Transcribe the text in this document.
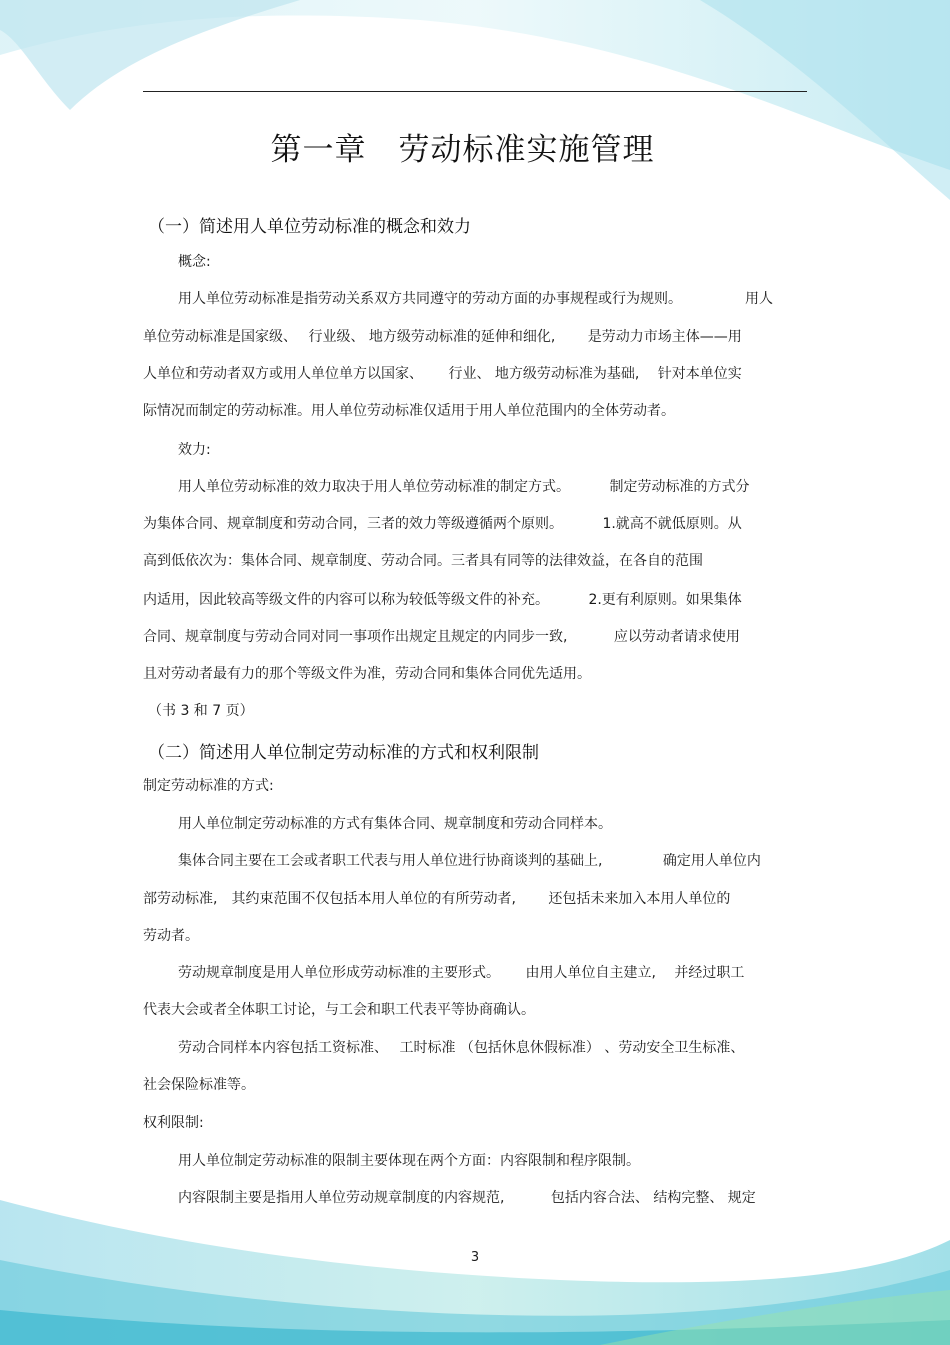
第一章　劳动标准实施管理
（一）简述用人单位劳动标准的概念和效力
概念:
用人单位劳动标准是指劳动关系双方共同遵守的劳动方面的办事规程或行为规则。　　　　　用人
单位劳动标准是国家级、　 行业级、 地方级劳动标准的延伸和细化,　　 是劳动力市场主体——用
人单位和劳动者双方或用人单位单方以国家、　　 行业、 地方级劳动标准为基础,　 针对本单位实
际情况而制定的劳动标准。用人单位劳动标准仅适用于用人单位范围内的全体劳动者。
效力:
用人单位劳动标准的效力取决于用人单位劳动标准的制定方式。　　　 制定劳动标准的方式分
为集体合同、规章制度和劳动合同，三者的效力等级遵循两个原则。　　　 1.就高不就低原则。从
高到低依次为：集体合同、规章制度、劳动合同。三者具有同等的法律效益，在各自的范围
内适用，因此较高等级文件的内容可以称为较低等级文件的补充。　　　 2.更有利原则。如果集体
合同、规章制度与劳动合同对同一事项作出规定且规定的内同步一致,　　　 应以劳动者请求使用
且对劳动者最有力的那个等级文件为准，劳动合同和集体合同优先适用。
（书 3 和 7 页）
（二）简述用人单位制定劳动标准的方式和权利限制
制定劳动标准的方式:
用人单位制定劳动标准的方式有集体合同、规章制度和劳动合同样本。
集体合同主要在工会或者职工代表与用人单位进行协商谈判的基础上,　　　　 确定用人单位内
部劳动标准,　其约束范围不仅包括本用人单位的有所劳动者,　　 还包括未来加入本用人单位的
劳动者。
劳动规章制度是用人单位形成劳动标准的主要形式。　　 由用人单位自主建立,　 并经过职工
代表大会或者全体职工讨论，与工会和职工代表平等协商确认。
劳动合同样本内容包括工资标准、　 工时标准 （包括休息休假标准） 、劳动安全卫生标准、
社会保险标准等。
权利限制:
用人单位制定劳动标准的限制主要体现在两个方面：内容限制和程序限制。
内容限制主要是指用人单位劳动规章制度的内容规范,　　　 包括内容合法、 结构完整、 规定
3
